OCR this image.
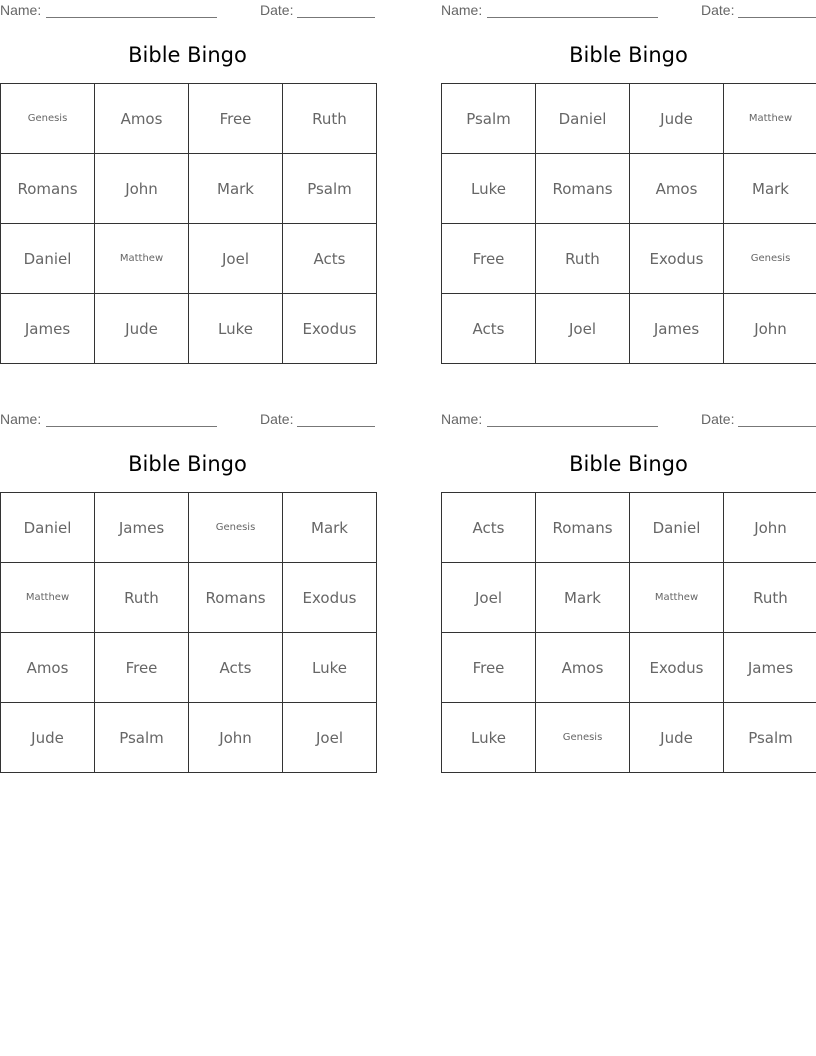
Name:	Date:
Bible Bingo
Genesis	Amos	Free	Ruth
Romans	John	Mark	Psalm
Daniel	Matthew	Joel	Acts
James	Jude	Luke	Exodus
Name:	Date:
Bible Bingo
Psalm	Daniel	Jude	Matthew
Luke	Romans	Amos	Mark
Free	Ruth	Exodus	Genesis
Acts	Joel	James	John
Name:	Date:
Bible Bingo
Daniel	James	Genesis	Mark
Matthew	Ruth	Romans	Exodus
Amos	Free	Acts	Luke
Jude	Psalm	John	Joel
Name:	Date:
Bible Bingo
Acts	Romans	Daniel	John
Joel	Mark	Matthew	Ruth
Free	Amos	Exodus	James
Luke	Genesis	Jude	Psalm
